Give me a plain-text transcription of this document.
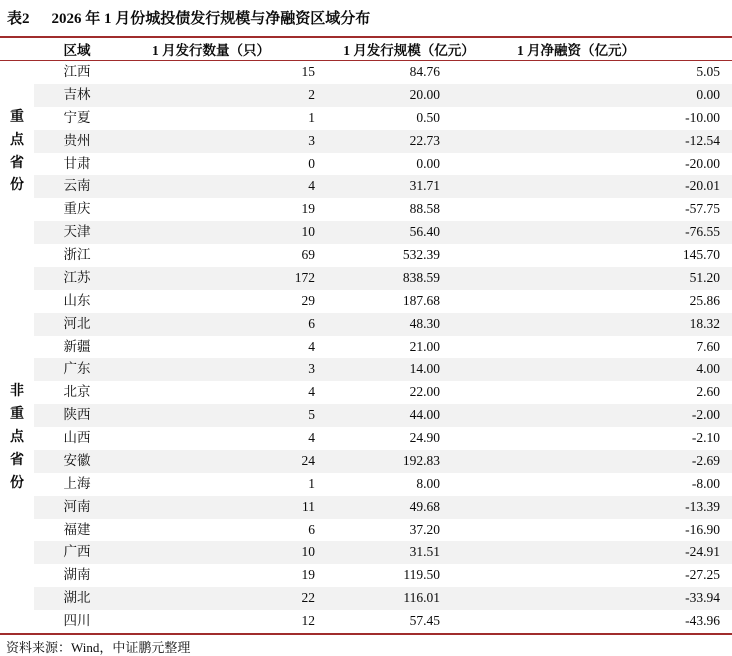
表2 2026 年 1 月份城投债发行规模与净融资区域分布
	区域	1 月发行数量（只）	1 月发行规模（亿元）	1 月净融资（亿元）

重
点
省
份	江西	15	84.76	5.05
	吉林	2	20.00	0.00
	宁夏	1	0.50	-10.00
	贵州	3	22.73	-12.54
	甘肃	0	0.00	-20.00
	云南	4	31.71	-20.01
	重庆	19	88.58	-57.75
	天津	10	56.40	-76.55

非
重
点
省
份	浙江	69	532.39	145.70
	江苏	172	838.59	51.20
	山东	29	187.68	25.86
	河北	6	48.30	18.32
	新疆	4	21.00	7.60
	广东	3	14.00	4.00
	北京	4	22.00	2.60
	陕西	5	44.00	-2.00
	山西	4	24.90	-2.10
	安徽	24	192.83	-2.69
	上海	1	8.00	-8.00
	河南	11	49.68	-13.39
	福建	6	37.20	-16.90
	广西	10	31.51	-24.91
	湖南	19	119.50	-27.25
	湖北	22	116.01	-33.94
	四川	12	57.45	-43.96
资料来源：Wind，中证鹏元整理
